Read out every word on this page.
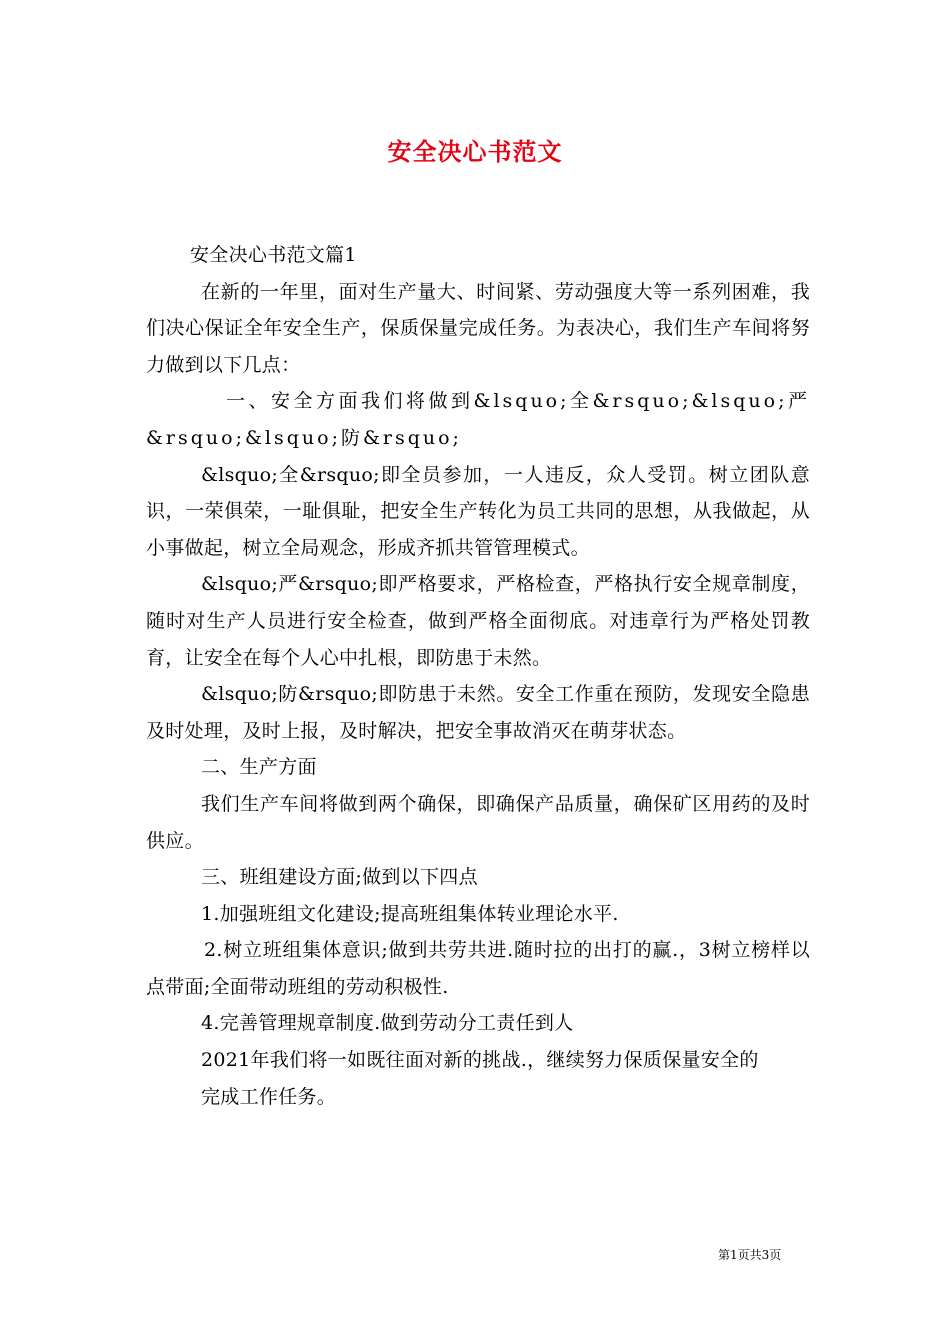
安全决心书范文

安全决心书范文篇1

在新的一年里，面对生产量大、时间紧、劳动强度大等一系列困难，我们决心保证全年安全生产，保质保量完成任务。为表决心，我们生产车间将努力做到以下几点：

一、安全方面我们将做到&lsquo;全&rsquo;&lsquo;严&rsquo;&lsquo;防&rsquo;

&lsquo;全&rsquo;即全员参加，一人违反，众人受罚。树立团队意识，一荣俱荣，一耻俱耻，把安全生产转化为员工共同的思想，从我做起，从小事做起，树立全局观念，形成齐抓共管管理模式。

&lsquo;严&rsquo;即严格要求，严格检查，严格执行安全规章制度，随时对生产人员进行安全检查，做到严格全面彻底。对违章行为严格处罚教育，让安全在每个人心中扎根，即防患于未然。

&lsquo;防&rsquo;即防患于未然。安全工作重在预防，发现安全隐患及时处理，及时上报，及时解决，把安全事故消灭在萌芽状态。

二、生产方面

我们生产车间将做到两个确保，即确保产品质量，确保矿区用药的及时供应。

三、班组建设方面;做到以下四点

1.加强班组文化建设;提高班组集体转业理论水平.

2.树立班组集体意识;做到共劳共进.随时拉的出打的赢.，3树立榜样以点带面;全面带动班组的劳动积极性.

4.完善管理规章制度.做到劳动分工责任到人

2021年我们将一如既往面对新的挑战.，继续努力保质保量安全的

完成工作任务。

第1页共3页
